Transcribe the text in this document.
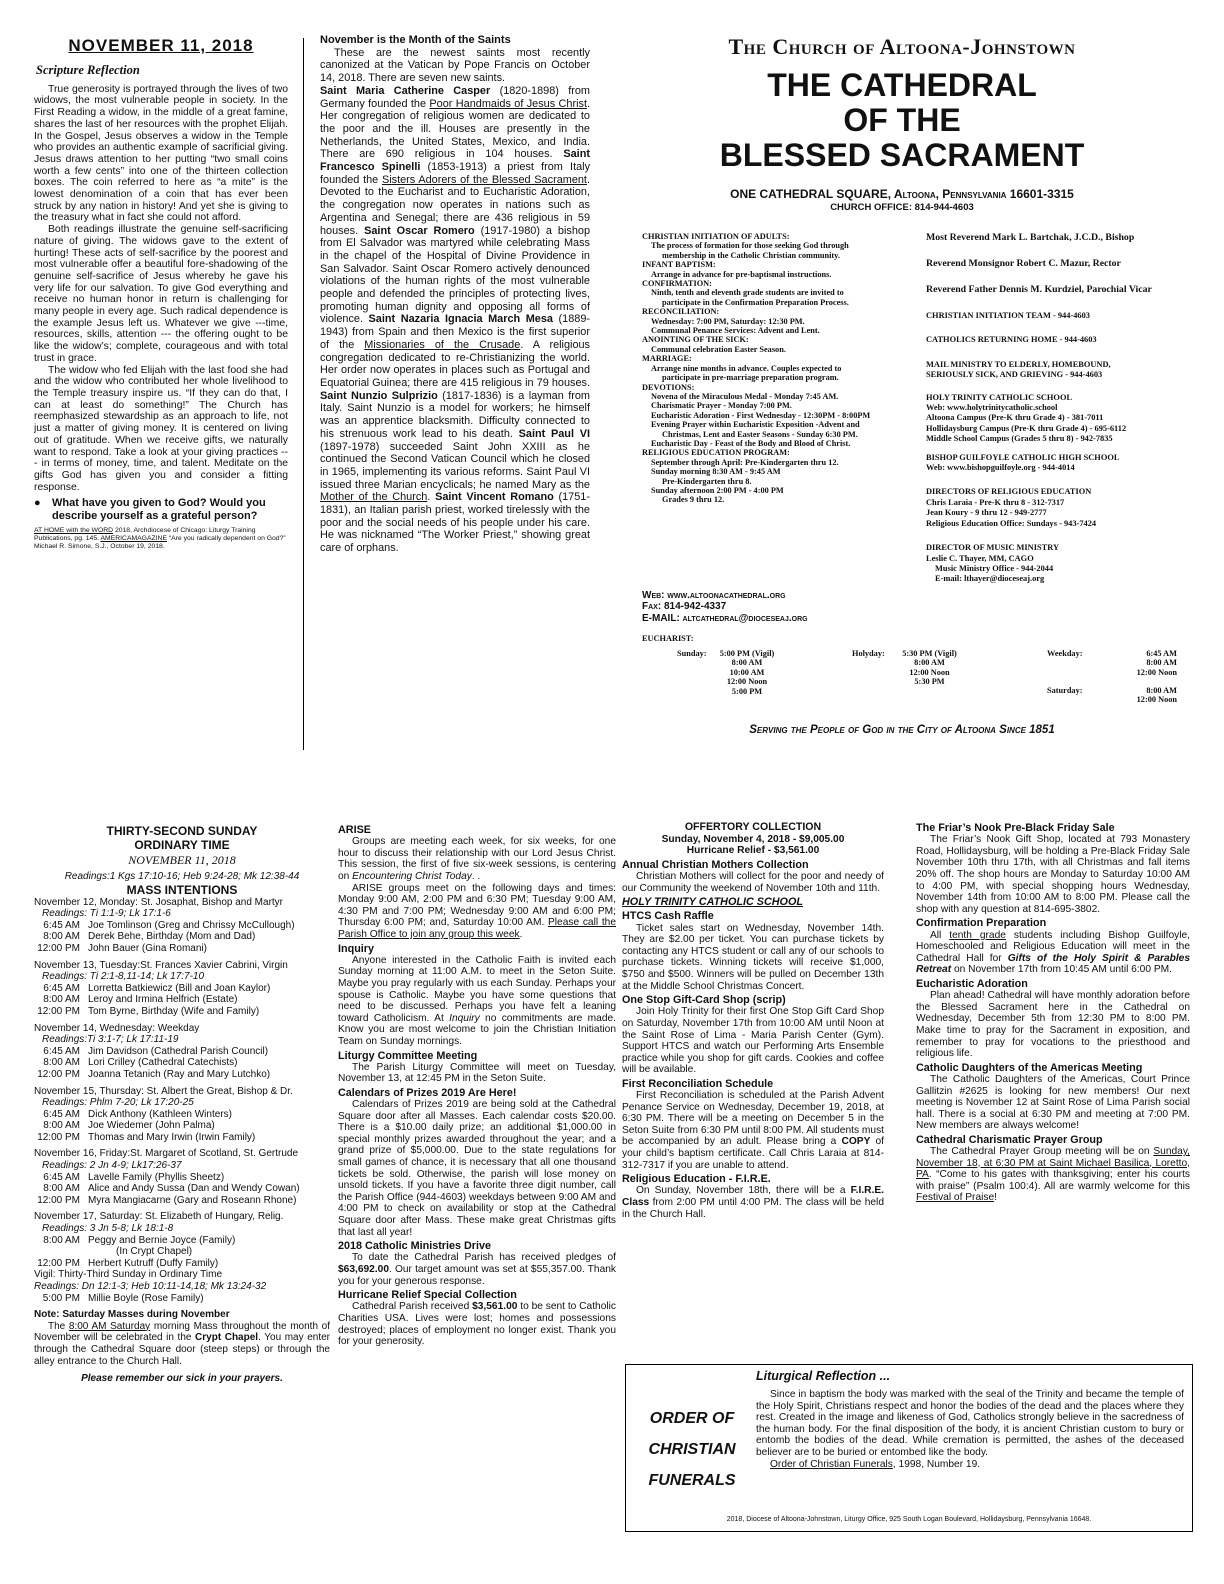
NOVEMBER 11, 2018
Scripture Reflection

True generosity is portrayed through the lives of two widows, the most vulnerable people in society. In the First Reading a widow, in the middle of a great famine, shares the last of her resources with the prophet Elijah. In the Gospel, Jesus observes a widow in the Temple who provides an authentic example of sacrificial giving. Jesus draws attention to her putting “two small coins worth a few cents” into one of the thirteen collection boxes. The coin referred to here as “a mite” is the lowest denomination of a coin that has ever been struck by any nation in history! And yet she is giving to the treasury what in fact she could not afford.

Both readings illustrate the genuine self-sacrificing nature of giving. The widows gave to the extent of hurting! These acts of self-sacrifice by the poorest and most vulnerable offer a beautiful fore-shadowing of the genuine self-sacrifice of Jesus whereby he gave his very life for our salvation. To give God everything and receive no human honor in return is challenging for many people in every age. Such radical dependence is the example Jesus left us. Whatever we give ---time, resources, skills, attention --- the offering ought to be like the widow’s; complete, courageous and with total trust in grace.

The widow who fed Elijah with the last food she had and the widow who contributed her whole livelihood to the Temple treasury inspire us. “If they can do that, I can at least do something!” The Church has reemphasized stewardship as an approach to life, not just a matter of giving money. It is centered on living out of gratitude. When we receive gifts, we naturally want to respond. Take a look at your giving practices --- in terms of money, time, and talent. Meditate on the gifts God has given you and consider a fitting response.

●	What have you given to God? Would you describe yourself as a grateful person?
AT HOME with the WORD 2018, Archdiocese of Chicago: Liturgy Training Publications, pg. 145. AMERICAMAGAZINE “Are you radically dependent on God?” Michael R. Simone, S.J., October 19, 2018.
November is the Month of the Saints

These are the newest saints most recently canonized at the Vatican by Pope Francis on October 14, 2018. There are seven new saints.

Saint Maria Catherine Casper (1820-1898) from Germany founded the Poor Handmaids of Jesus Christ. Her congregation of religious women are dedicated to the poor and the ill. Houses are presently in the Netherlands, the United States, Mexico, and India. There are 690 religious in 104 houses. Saint Francesco Spinelli (1853-1913) a priest from Italy founded the Sisters Adorers of the Blessed Sacrament. Devoted to the Eucharist and to Eucharistic Adoration, the congregation now operates in nations such as Argentina and Senegal; there are 436 religious in 59 houses. Saint Oscar Romero (1917-1980) a bishop from El Salvador was martyred while celebrating Mass in the chapel of the Hospital of Divine Providence in San Salvador. Saint Oscar Romero actively denounced violations of the human rights of the most vulnerable people and defended the principles of protecting lives, promoting human dignity and opposing all forms of violence. Saint Nazaria Ignacia March Mesa (1889-1943) from Spain and then Mexico is the first superior of the Missionaries of the Crusade. A religious congregation dedicated to re-Christianizing the world. Her order now operates in places such as Portugal and Equatorial Guinea; there are 415 religious in 79 houses. Saint Nunzio Sulprizio (1817-1836) is a layman from Italy. Saint Nunzio is a model for workers; he himself was an apprentice blacksmith. Difficulty connected to his strenuous work lead to his death. Saint Paul VI (1897-1978) succeeded Saint John XXIII as he continued the Second Vatican Council which he closed in 1965, implementing its various reforms. Saint Paul VI issued three Marian encyclicals; he named Mary as the Mother of the Church. Saint Vincent Romano (1751-1831), an Italian parish priest, worked tirelessly with the poor and the social needs of his people under his care. He was nicknamed “The Worker Priest,” showing great care of orphans.

The Church of Altoona-Johnstown
THE CATHEDRAL
OF THE
BLESSED SACRAMENT
ONE CATHEDRAL SQUARE, Altoona, Pennsylvania 16601-3315
CHURCH OFFICE: 814-944-4603
CHRISTIAN INITIATION OF ADULTS:
The process of formation for those seeking God through
membership in the Catholic Christian community.
INFANT BAPTISM:
Arrange in advance for pre-baptismal instructions.
CONFIRMATION:
Ninth, tenth and eleventh grade students are invited to
participate in the Confirmation Preparation Process.
RECONCILIATION:
Wednesday: 7:00 PM, Saturday: 12:30 PM.
Communal Penance Services: Advent and Lent.
ANOINTING OF THE SICK:
Communal celebration Easter Season.
MARRIAGE:
Arrange nine months in advance. Couples expected to
participate in pre-marriage preparation program.
DEVOTIONS:
Novena of the Miraculous Medal - Monday 7:45 AM.
Charismatic Prayer - Monday 7:00 PM.
Eucharistic Adoration - First Wednesday - 12:30PM - 8:00PM
Evening Prayer within Eucharistic Exposition -Advent and
Christmas, Lent and Easter Seasons - Sunday 6:30 PM.
Eucharistic Day - Feast of the Body and Blood of Christ.
RELIGIOUS EDUCATION PROGRAM:
September through April: Pre-Kindergarten thru 12.
Sunday morning 8:30 AM - 9:45 AM
Pre-Kindergarten thru 8.
Sunday afternoon 2:00 PM - 4:00 PM
Grades 9 thru 12.
Web: www.altoonacathedral.org
Fax: 814-942-4337
E-MAIL: altcathedral@dioceseaj.org
Most Reverend Mark L. Bartchak, J.C.D., Bishop
Reverend Monsignor Robert C. Mazur, Rector
Reverend Father Dennis M. Kurdziel, Parochial Vicar
CHRISTIAN INITIATION TEAM - 944-4603
CATHOLICS RETURNING HOME - 944-4603
MAIL MINISTRY TO ELDERLY, HOMEBOUND,
SERIOUSLY SICK, AND GRIEVING - 944-4603
HOLY TRINITY CATHOLIC SCHOOL
Web: www.holytrinitycatholic.school
Altoona Campus (Pre-K thru Grade 4) - 381-7011
Hollidaysburg Campus (Pre-K thru Grade 4) - 695-6112
Middle School Campus (Grades 5 thru 8) - 942-7835
BISHOP GUILFOYLE CATHOLIC HIGH SCHOOL
Web: www.bishopguilfoyle.org - 944-4014
DIRECTORS OF RELIGIOUS EDUCATION
Chris Laraia - Pre-K thru 8 - 312-7317
Jean Koury - 9 thru 12 - 949-2777
Religious Education Office: Sundays - 943-7424
DIRECTOR OF MUSIC MINISTRY
Leslie C. Thayer, MM, CAGO
Music Ministry Office - 944-2044
E-mail: lthayer@dioceseaj.org
EUCHARIST:
Sunday:	5:00 PM (Vigil)
8:00 AM
10:00 AM
12:00 Noon
5:00 PM
Holyday:	5:30 PM (Vigil)
8:00 AM
12:00 Noon
5:30 PM
Weekday:	6:45 AM
8:00 AM
12:00 Noon
Saturday:	8:00 AM
12:00 Noon
Serving the People of God in the City of Altoona Since 1851
THIRTY-SECOND SUNDAY
ORDINARY TIME
NOVEMBER 11, 2018
Readings:1 Kgs 17:10-16; Heb 9:24-28; Mk 12:38-44
MASS INTENTIONS
November 12, Monday: St. Josaphat, Bishop and Martyr
Readings: Ti 1:1-9; Lk 17:1-6
6:45 AM Joe Tomlinson (Greg and Chrissy McCullough)
8:00 AM Derek Behe, Birthday (Mom and Dad)
12:00 PM John Bauer (Gina Romani)
November 13, Tuesday:St. Frances Xavier Cabrini, Virgin
Readings: Ti 2:1-8,11-14; Lk 17:7-10
6:45 AM Lorretta Batkiewicz (Bill and Joan Kaylor)
8:00 AM Leroy and Irmina Helfrich (Estate)
12:00 PM Tom Byrne, Birthday (Wife and Family)
November 14, Wednesday: Weekday
Readings:Ti 3:1-7; Lk 17:11-19
6:45 AM Jim Davidson (Cathedral Parish Council)
8:00 AM Lori Crilley (Cathedral Catechists)
12:00 PM Joanna Tetanich (Ray and Mary Lutchko)
November 15, Thursday: St. Albert the Great, Bishop & Dr.
Readings: Phlm 7-20; Lk 17:20-25
6:45 AM Dick Anthony (Kathleen Winters)
8:00 AM Joe Wiedemer (John Palma)
12:00 PM Thomas and Mary Irwin (Irwin Family)
November 16, Friday:St. Margaret of Scotland, St. Gertrude
Readings: 2 Jn 4-9; Lk17:26-37
6:45 AM Lavelle Family (Phyllis Sheetz)
8:00 AM Alice and Andy Sussa (Dan and Wendy Cowan)
12:00 PM Myra Mangiacarne (Gary and Roseann Rhone)
November 17, Saturday: St. Elizabeth of Hungary, Relig.
Readings: 3 Jn 5-8; Lk 18:1-8
8:00 AM Peggy and Bernie Joyce (Family)
(In Crypt Chapel)
12:00 PM Herbert Kutruff (Duffy Family)
Vigil: Thirty-Third Sunday in Ordinary Time
Readings: Dn 12:1-3; Heb 10:11-14,18; Mk 13:24-32
5:00 PM Millie Boyle (Rose Family)
Note: Saturday Masses during November

The 8:00 AM Saturday morning Mass throughout the month of November will be celebrated in the Crypt Chapel. You may enter through the Cathedral Square door (steep steps) or through the alley entrance to the Church Hall.

Please remember our sick in your prayers.
ARISE

Groups are meeting each week, for six weeks, for one hour to discuss their relationship with our Lord Jesus Christ. This session, the first of five six-week sessions, is centering on Encountering Christ Today. .

ARISE groups meet on the following days and times: Monday 9:00 AM, 2:00 PM and 6:30 PM; Tuesday 9:00 AM, 4:30 PM and 7:00 PM; Wednesday 9:00 AM and 6:00 PM; Thursday 6:00 PM; and, Saturday 10:00 AM. Please call the Parish Office to join any group this week.

Inquiry

Anyone interested in the Catholic Faith is invited each Sunday morning at 11:00 A.M. to meet in the Seton Suite. Maybe you pray regularly with us each Sunday. Perhaps your spouse is Catholic. Maybe you have some questions that need to be discussed. Perhaps you have felt a leaning toward Catholicism. At Inquiry no commitments are made. Know you are most welcome to join the Christian Initiation Team on Sunday mornings.

Liturgy Committee Meeting

The Parish Liturgy Committee will meet on Tuesday, November 13, at 12:45 PM in the Seton Suite.

Calendars of Prizes 2019 Are Here!

Calendars of Prizes 2019 are being sold at the Cathedral Square door after all Masses. Each calendar costs $20.00. There is a $10.00 daily prize; an additional $1,000.00 in special monthly prizes awarded throughout the year; and a grand prize of $5,000.00. Due to the state regulations for small games of chance, it is necessary that all one thousand tickets be sold. Otherwise, the parish will lose money on unsold tickets. If you have a favorite three digit number, call the Parish Office (944-4603) weekdays between 9:00 AM and 4:00 PM to check on availability or stop at the Cathedral Square door after Mass. These make great Christmas gifts that last all year!

2018 Catholic Ministries Drive

To date the Cathedral Parish has received pledges of $63,692.00. Our target amount was set at $55,357.00. Thank you for your generous response.

Hurricane Relief Special Collection

Cathedral Parish received $3,561.00 to be sent to Catholic Charities USA. Lives were lost; homes and possessions destroyed; places of employment no longer exist. Thank you for your generosity.

OFFERTORY COLLECTION
Sunday, November 4, 2018 - $9,005.00
Hurricane Relief - $3,561.00
Annual Christian Mothers Collection

Christian Mothers will collect for the poor and needy of our Community the weekend of November 10th and 11th.

HOLY TRINITY CATHOLIC SCHOOL
HTCS Cash Raffle

Ticket sales start on Wednesday, November 14th. They are $2.00 per ticket. You can purchase tickets by contacting any HTCS student or call any of our schools to purchase tickets. Winning tickets will receive $1,000, $750 and $500. Winners will be pulled on December 13th at the Middle School Christmas Concert.

One Stop Gift-Card Shop (scrip)

Join Holy Trinity for their first One Stop Gift Card Shop on Saturday, November 17th from 10:00 AM until Noon at the Saint Rose of Lima - Maria Parish Center (Gym). Support HTCS and watch our Performing Arts Ensemble practice while you shop for gift cards. Cookies and coffee will be available.

First Reconciliation Schedule

First Reconciliation is scheduled at the Parish Advent Penance Service on Wednesday, December 19, 2018, at 6:30 PM. There will be a meeting on December 5 in the Seton Suite from 6:30 PM until 8:00 PM. All students must be accompanied by an adult. Please bring a COPY of your child’s baptism certificate. Call Chris Laraia at 814-312-7317 if you are unable to attend.

Religious Education - F.I.R.E.

On Sunday, November 18th, there will be a F.I.R.E. Class from 2:00 PM until 4:00 PM. The class will be held in the Church Hall.

The Friar’s Nook Pre-Black Friday Sale

The Friar’s Nook Gift Shop, located at 793 Monastery Road, Hollidaysburg, will be holding a Pre-Black Friday Sale November 10th thru 17th, with all Christmas and fall items 20% off. The shop hours are Monday to Saturday 10:00 AM to 4:00 PM, with special shopping hours Wednesday, November 14th from 10:00 AM to 8:00 PM. Please call the shop with any question at 814-695-3802.

Confirmation Preparation

All tenth grade students including Bishop Guilfoyle, Homeschooled and Religious Education will meet in the Cathedral Hall for Gifts of the Holy Spirit & Parables Retreat on November 17th from 10:45 AM until 6:00 PM.

Eucharistic Adoration

Plan ahead! Cathedral will have monthly adoration before the Blessed Sacrament here in the Cathedral on Wednesday, December 5th from 12:30 PM to 8:00 PM. Make time to pray for the Sacrament in exposition, and remember to pray for vocations to the priesthood and religious life.

Catholic Daughters of the Americas Meeting

The Catholic Daughters of the Americas, Court Prince Gallitzin #2625 is looking for new members! Our next meeting is November 12 at Saint Rose of Lima Parish social hall. There is a social at 6:30 PM and meeting at 7:00 PM. New members are always welcome!

Cathedral Charismatic Prayer Group

The Cathedral Prayer Group meeting will be on Sunday, November 18, at 6:30 PM at Saint Michael Basilica, Loretto, PA. “Come to his gates with thanksgiving; enter his courts with praise” (Psalm 100:4). All are warmly welcome for this Festival of Praise!

Liturgical Reflection ...
ORDER OF
CHRISTIAN
FUNERALS

Since in baptism the body was marked with the seal of the Trinity and became the temple of the Holy Spirit, Christians respect and honor the bodies of the dead and the places where they rest. Created in the image and likeness of God, Catholics strongly believe in the sacredness of the human body. For the final disposition of the body, it is ancient Christian custom to bury or entomb the bodies of the dead. While cremation is permitted, the ashes of the deceased believer are to be buried or entombed like the body.

Order of Christian Funerals, 1998, Number 19.

2018, Diocese of Altoona-Johnstown, Liturgy Office, 925 South Logan Boulevard, Hollidaysburg, Pennsylvania 16648.
